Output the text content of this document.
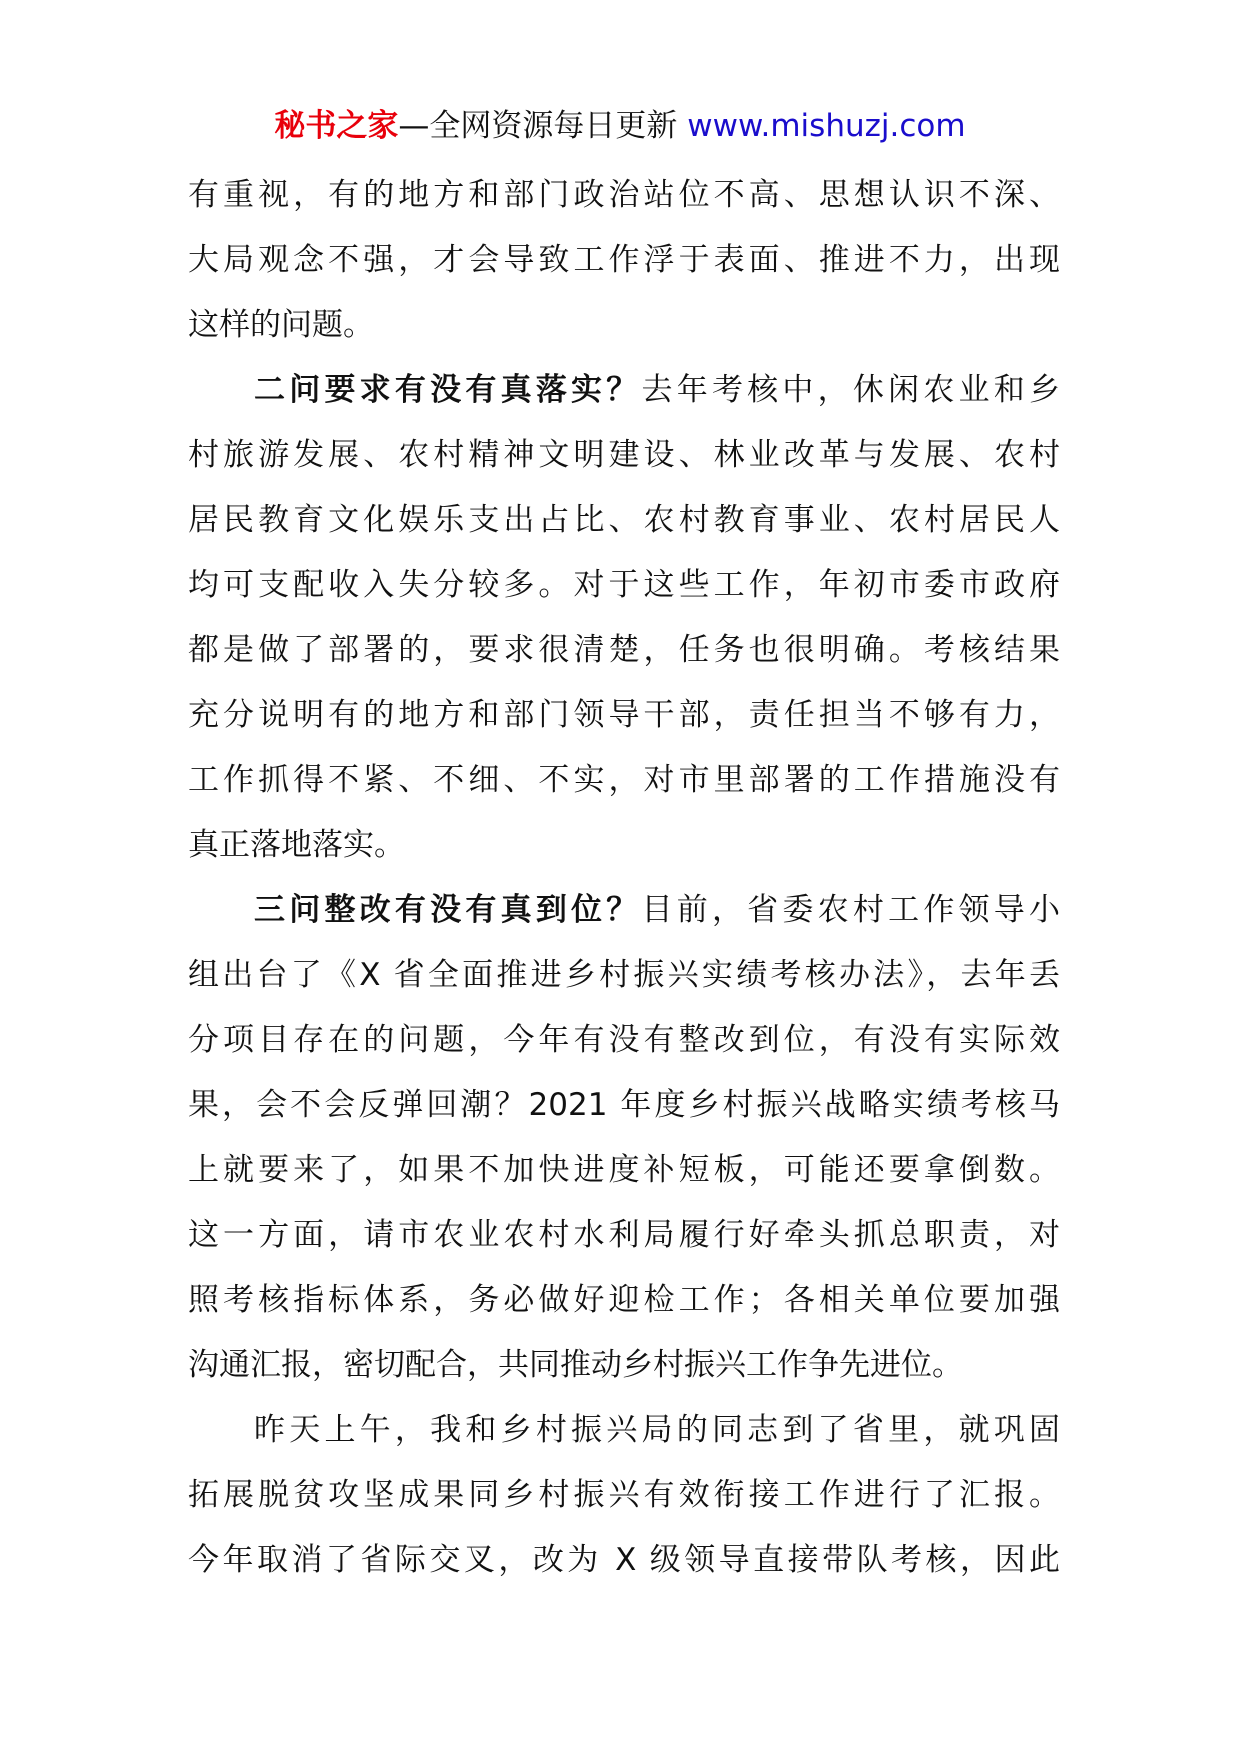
秘书之家—全网资源每日更新 www.mishuzj.com
有重视，有的地方和部门政治站位不高、思想认识不深、
大局观念不强，才会导致工作浮于表面、推进不力，出现
这样的问题。
二问要求有没有真落实？去年考核中，休闲农业和乡
村旅游发展、农村精神文明建设、林业改革与发展、农村
居民教育文化娱乐支出占比、农村教育事业、农村居民人
均可支配收入失分较多。对于这些工作，年初市委市政府
都是做了部署的，要求很清楚，任务也很明确。考核结果
充分说明有的地方和部门领导干部，责任担当不够有力，
工作抓得不紧、不细、不实，对市里部署的工作措施没有
真正落地落实。
三问整改有没有真到位？目前，省委农村工作领导小
组出台了《X 省全面推进乡村振兴实绩考核办法》，去年丢
分项目存在的问题，今年有没有整改到位，有没有实际效
果，会不会反弹回潮？2021 年度乡村振兴战略实绩考核马
上就要来了，如果不加快进度补短板，可能还要拿倒数。
这一方面，请市农业农村水利局履行好牵头抓总职责，对
照考核指标体系，务必做好迎检工作；各相关单位要加强
沟通汇报，密切配合，共同推动乡村振兴工作争先进位。
昨天上午，我和乡村振兴局的同志到了省里，就巩固
拓展脱贫攻坚成果同乡村振兴有效衔接工作进行了汇报。
今年取消了省际交叉，改为 X 级领导直接带队考核，因此
